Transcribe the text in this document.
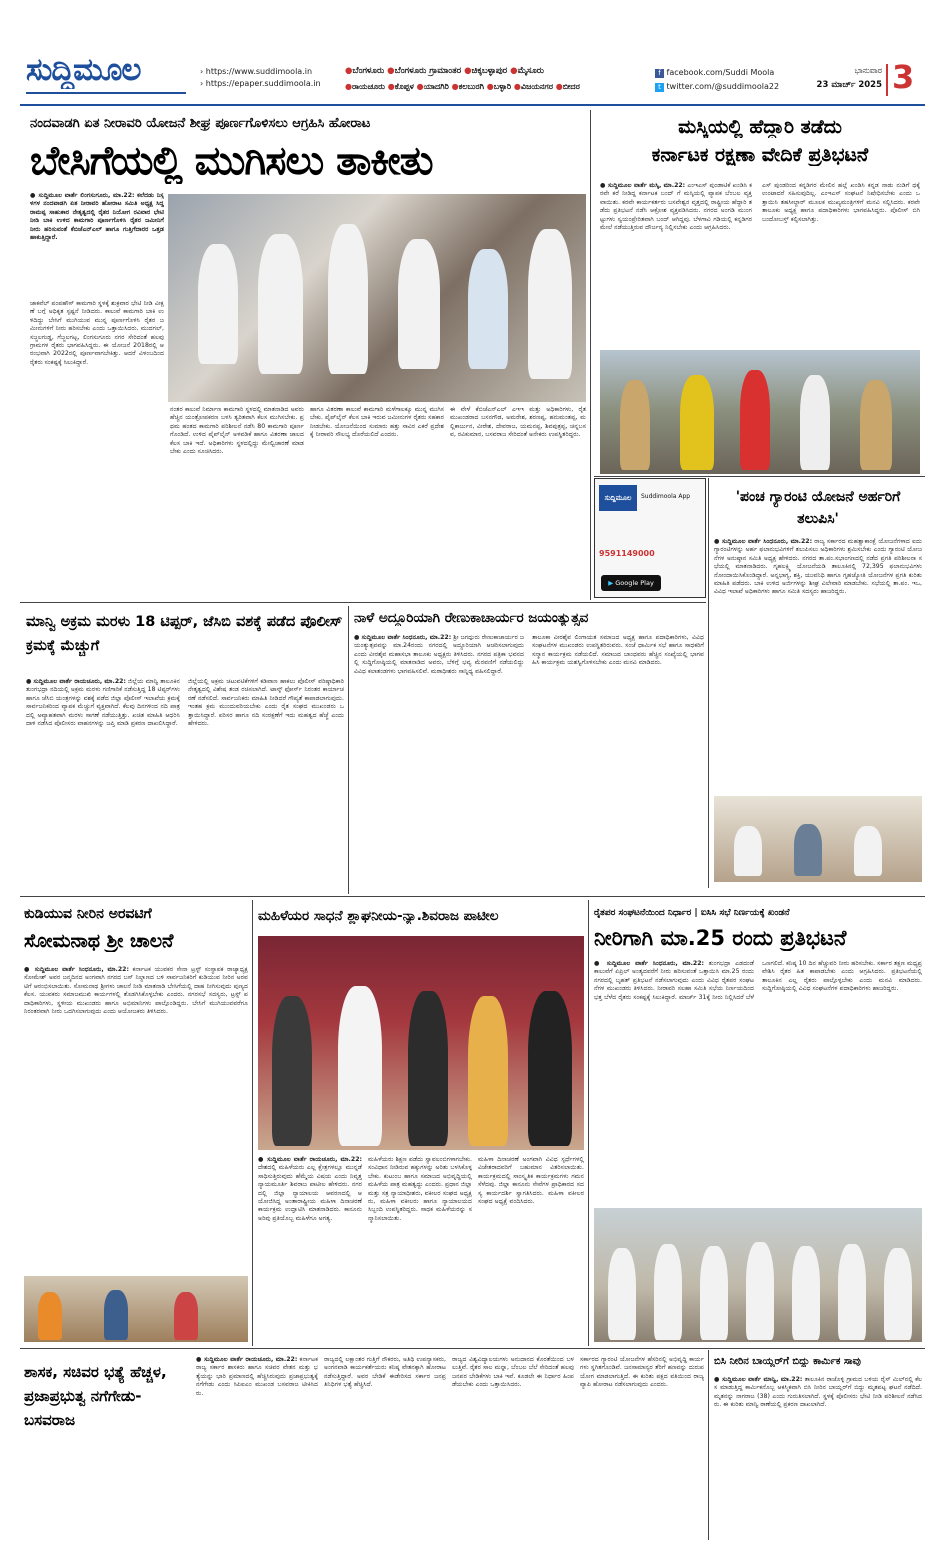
ಸುದ್ದಿಮೂಲ	› https://www.suddimoola.in
› https://epaper.suddimoola.in
●ಬೆಂಗಳೂರು ●ಬೆಂಗಳೂರು ಗ್ರಾಮಾಂತರ ●ಚಿಕ್ಕಬಳ್ಳಾಪುರ ●ಮೈಸೂರು
●ರಾಯಚೂರು ●ಕೊಪ್ಪಳ ●ಯಾದಗಿರಿ ●ಕಲಬುರಗಿ ●ಬಳ್ಳಾರಿ ●ವಿಜಯನಗರ ●ಬೀದರ
f facebook.com/Suddi Moola
t twitter.com/@suddimoola22
ಭಾನುವಾರ
23 ಮಾರ್ಚ್ 2025 3
ನಂದವಾಡಗಿ ಏತ ನೀರಾವರಿ ಯೋಜನೆ ಶೀಘ್ರ ಪೂರ್ಣಗೊಳಿಸಲು ಆಗ್ರಹಿಸಿ ಹೋರಾಟ
ಬೇಸಿಗೆಯಲ್ಲಿ ಮುಗಿಸಲು ತಾಕೀತು
● ಸುದ್ದಿಮೂಲ ವಾರ್ತೆ ಲಿಂಗಸುಗೂರು, ಮಾ.22: ಕಲೆದಡು ನಿಸ್ಸಳಗಳ ನಂದವಾಡಗಿ ಏತ ನೀರಾವರಿ ಹೋರಾಟ ಸಮಿತಿ ಅಧ್ಯಕ್ಷ ಸಿದ್ದರಾಮಪ್ಪ ಸಾಹುಕಾರ ನೇತೃತ್ವದಲ್ಲಿ ರೈತರ ನಿಯೋಗ ರವಿವಾರ ಭೇಟಿ ನೀಡಿ ಬಾಕಿ ಉಳಿದ ಕಾಮಗಾರಿ ಪೂರ್ಣಗೊಳಿಸಿ ರೈತರ ಜಮೀನಿಗೆ ನೀರು ಹರಿಸುವಂತೆ ಕೆಬಿಜೆಎನ್‌ಎಲ್ ಹಾಗೂ ಗುತ್ತಿಗೆದಾರರ ಒತ್ತಡ ಹಾಕುತ್ತಿದ್ದಾರೆ.
ಜಾಕವೆಲ್ ಪಂಪಹೌಸ್ ಕಾಮಗಾರಿ ಸ್ಥಳಕ್ಕೆ ಶುಕ್ರವಾರ ಭೇಟಿ ನೀಡಿ ವೀಕ್ಷಣೆ ಬಗ್ಗೆ ಅಧಿಕೃತ ಸ್ಪಷ್ಟನೆ ನೀಡಿದರು. ಕಾಲುವೆ ಕಾಮಗಾರಿ ಬಾಕಿ ಉಳಿದಿದ್ದು ಬೇಸಿಗೆ ಮುಗಿಯುವ ಮುನ್ನ ಪೂರ್ಣಗೊಳಿಸಿ ರೈತರ ಜಮೀನುಗಳಿಗೆ ನೀರು ಹರಿಸಬೇಕು ಎಂದು ಒತ್ತಾಯಿಸಿದರು. ಮುದಗಲ್, ಸಜ್ಜಲಗುಡ್ಡ, ಗೆಜ್ಜಲಗಟ್ಟ, ಲಿಂಗಸುಗೂರು ನಗರ ಸೇರಿದಂತೆ ಹಲವು ಗ್ರಾಮಗಳ ರೈತರು ಭಾಗವಹಿಸಿದ್ದರು. ಈ ಯೋಜನೆ 2018ರಲ್ಲಿ ಆರಂಭವಾಗಿ 2022ರಲ್ಲಿ ಪೂರ್ಣವಾಗಬೇಕಿತ್ತು. ಆದರೆ ವಿಳಂಬದಿಂದ ರೈತರು ಸಂಕಷ್ಟಕ್ಕೆ ಸಿಲುಕಿದ್ದಾರೆ.
ನಂತರ ಕಾಲುವೆ ನಿರ್ಮಾಣ ಕಾಮಗಾರಿ ಸ್ಥಳದಲ್ಲಿ ಮಾತನಾಡಿದ ಅವರು ಹೆಚ್ಚಿನ ಯಂತ್ರೋಪಕರಣ ಬಳಸಿ ತ್ವರಿತವಾಗಿ ಕೆಲಸ ಮುಗಿಸಬೇಕು. ಪ್ರಥಮ ಹಂತದ ಕಾಮಗಾರಿ ಪರಿಶೀಲನೆ ನಡೆಸಿ 80 ಕಾಮಗಾರಿ ಪೂರ್ಣಗೊಂಡಿದೆ. ಉಳಿದ ಪೈಪ್‌ಲೈನ್ ಅಳವಡಿಕೆ ಹಾಗೂ ವಿತರಣಾ ಜಾಲದ ಕೆಲಸ ಬಾಕಿ ಇದೆ. ಅಧಿಕಾರಿಗಳು ಸ್ಥಳದಲ್ಲಿದ್ದು ಮೇಲ್ವಿಚಾರಣೆ ಮಾಡಬೇಕು ಎಂದು ಸೂಚಿಸಿದರು.
ಹಾಗೂ ವಿತರಣಾ ಕಾಲುವೆ ಕಾಮಗಾರಿ ಮಳೆಗಾಲಕ್ಕೂ ಮುನ್ನ ಮುಗಿಸಬೇಕು. ಪೈಪ್‌ಲೈನ್ ಕೆಲಸ ಬಾಕಿ ಇರುವ ಜಮೀನುಗಳ ರೈತರು ಸಹಕಾರ ನೀಡಬೇಕು. ಯೋಜನೆಯಿಂದ ಸುಮಾರು ಹತ್ತು ಸಾವಿರ ಎಕರೆ ಪ್ರದೇಶಕ್ಕೆ ನೀರಾವರಿ ಸೌಲಭ್ಯ ದೊರೆಯಲಿದೆ ಎಂದರು.
ಈ ವೇಳೆ ಕೆಬಿಜೆಎನ್‌ಎಲ್ ಎಇಇ ಮತ್ತು ಅಧಿಕಾರಿಗಳು, ರೈತ ಮುಖಂಡರಾದ ಬಸನಗೌಡ, ಅಮರೇಶ, ಶರಣಪ್ಪ, ಹನುಮಂತಪ್ಪ, ಮಲ್ಲಿಕಾರ್ಜುನ, ವೀರೇಶ, ದೇವರಾಜ, ಯಮನಪ್ಪ, ಶಿವಪುತ್ರಪ್ಪ, ಚನ್ನಬಸವ, ರವಿಕುಮಾರ, ಬಸವರಾಜ ಸೇರಿದಂತೆ ಅನೇಕರು ಉಪಸ್ಥಿತರಿದ್ದರು.
ಮಸ್ಕಿಯಲ್ಲಿ ಹೆದ್ದಾರಿ ತಡೆದು
ಕರ್ನಾಟಕ ರಕ್ಷಣಾ ವೇದಿಕೆ ಪ್ರತಿಭಟನೆ
● ಸುದ್ದಿಮೂಲ ವಾರ್ತೆ ಮಸ್ಕಿ, ಮಾ.22: ಎಂಇಎಸ್ ಪುಂಡಾಟಿಕೆ ಖಂಡಿಸಿ ಕರವೇ ಕರೆ ನೀಡಿದ್ದ ಕರ್ನಾಟಕ ಬಂದ್ ಗೆ ಮಸ್ಕಿಯಲ್ಲಿ ವ್ಯಾಪಕ ಬೆಂಬಲ ವ್ಯಕ್ತವಾಯಿತು. ಕರವೇ ಕಾರ್ಯಕರ್ತರು ಬಸವೇಶ್ವರ ವೃತ್ತದಲ್ಲಿ ರಾಷ್ಟ್ರೀಯ ಹೆದ್ದಾರಿ ತಡೆದು ಪ್ರತಿಭಟನೆ ನಡೆಸಿ ಆಕ್ರೋಶ ವ್ಯಕ್ತಪಡಿಸಿದರು. ನಗರದ ಅಂಗಡಿ ಮುಂಗಟ್ಟುಗಳು ಸ್ವಯಂಪ್ರೇರಿತವಾಗಿ ಬಂದ್ ಆಗಿದ್ದವು. ಬೆಳಗಾವಿ ಗಡಿಯಲ್ಲಿ ಕನ್ನಡಿಗರ ಮೇಲೆ ನಡೆಯುತ್ತಿರುವ ದೌರ್ಜನ್ಯ ನಿಲ್ಲಿಸಬೇಕು ಎಂದು ಆಗ್ರಹಿಸಿದರು.
ಎಸ್ ಪುಂಡರಿಂದ ಕನ್ನಡಿಗರ ಮೇಲಿನ ಹಲ್ಲೆ ಖಂಡಿಸಿ ಕನ್ನಡ ನಾಡು ನುಡಿಗೆ ಧಕ್ಕೆ ಉಂಟಾದರೆ ಸಹಿಸುವುದಿಲ್ಲ. ಎಂಇಎಸ್ ಸಂಘಟನೆ ನಿಷೇಧಿಸಬೇಕು ಎಂದು ಒತ್ತಾಯಿಸಿ ತಹಸೀಲ್ದಾರ್ ಮೂಲಕ ಮುಖ್ಯಮಂತ್ರಿಗಳಿಗೆ ಮನವಿ ಸಲ್ಲಿಸಿದರು. ಕರವೇ ತಾಲೂಕು ಅಧ್ಯಕ್ಷ ಹಾಗೂ ಪದಾಧಿಕಾರಿಗಳು ಭಾಗವಹಿಸಿದ್ದರು. ಪೊಲೀಸ್ ಬಿಗಿ ಬಂದೋಬಸ್ತ್ ಕಲ್ಪಿಸಲಾಗಿತ್ತು.
ಸುದ್ದಿಮೂಲ	Suddimoola App
9591149000
▶ Google Play
'ಪಂಚ ಗ್ಯಾರಂಟಿ ಯೋಜನೆ ಅರ್ಹರಿಗೆ ತಲುಪಿಸಿ'
● ಸುದ್ದಿಮೂಲ ವಾರ್ತೆ ಸಿಂಧನೂರು, ಮಾ.22: ರಾಜ್ಯ ಸರ್ಕಾರದ ಮಹತ್ವಾಕಾಂಕ್ಷೆ ಯೋಜನೆಗಳಾದ ಐದು ಗ್ಯಾರಂಟಿಗಳನ್ನು ಅರ್ಹ ಫಲಾನುಭವಿಗಳಿಗೆ ತಲುಪಿಸಲು ಅಧಿಕಾರಿಗಳು ಶ್ರಮಿಸಬೇಕು ಎಂದು ಗ್ಯಾರಂಟಿ ಯೋಜನೆಗಳ ಅನುಷ್ಠಾನ ಸಮಿತಿ ಅಧ್ಯಕ್ಷ ಹೇಳಿದರು. ನಗರದ ತಾ.ಪಂ.ಸಭಾಂಗಣದಲ್ಲಿ ನಡೆದ ಪ್ರಗತಿ ಪರಿಶೀಲನಾ ಸಭೆಯಲ್ಲಿ ಮಾತನಾಡಿದರು. ಗೃಹಲಕ್ಷ್ಮಿ ಯೋಜನೆಯಡಿ ತಾಲೂಕಿನಲ್ಲಿ 72,395 ಫಲಾನುಭವಿಗಳು ನೋಂದಾಯಿಸಿಕೊಂಡಿದ್ದಾರೆ. ಅನ್ನಭಾಗ್ಯ, ಶಕ್ತಿ, ಯುವನಿಧಿ ಹಾಗೂ ಗೃಹಜ್ಯೋತಿ ಯೋಜನೆಗಳ ಪ್ರಗತಿ ಕುರಿತು ಮಾಹಿತಿ ಪಡೆದರು. ಬಾಕಿ ಉಳಿದ ಅರ್ಜಿಗಳನ್ನು ಶೀಘ್ರ ವಿಲೇವಾರಿ ಮಾಡಬೇಕು. ಸಭೆಯಲ್ಲಿ ತಾ.ಪಂ. ಇಒ, ವಿವಿಧ ಇಲಾಖೆ ಅಧಿಕಾರಿಗಳು ಹಾಗೂ ಸಮಿತಿ ಸದಸ್ಯರು ಹಾಜರಿದ್ದರು.
ಮಾನ್ವಿ ಅಕ್ರಮ ಮರಳು 18 ಟಿಪ್ಪರ್, ಜೆಸಿಬಿ ವಶಕ್ಕೆ ಪಡೆದ ಪೊಲೀಸ್ ಕ್ರಮಕ್ಕೆ ಮೆಚ್ಚುಗೆ
● ಸುದ್ದಿಮೂಲ ವಾರ್ತೆ ರಾಯಚೂರು, ಮಾ.22: ಜಿಲ್ಲೆಯ ಮಾನ್ವಿ ತಾಲೂಕಿನ ತುಂಗಭದ್ರಾ ನದಿಯಲ್ಲಿ ಅಕ್ರಮ ಮರಳು ಗಣಿಗಾರಿಕೆ ನಡೆಸುತ್ತಿದ್ದ 18 ಟಿಪ್ಪರ್‌ಗಳು ಹಾಗೂ ಜೆಸಿಬಿ ಯಂತ್ರಗಳನ್ನು ವಶಕ್ಕೆ ಪಡೆದ ಜಿಲ್ಲಾ ಪೊಲೀಸ್ ಇಲಾಖೆಯ ಕ್ರಮಕ್ಕೆ ಸಾರ್ವಜನಿಕರಿಂದ ವ್ಯಾಪಕ ಮೆಚ್ಚುಗೆ ವ್ಯಕ್ತವಾಗಿದೆ. ಕೆಲವು ದಿನಗಳಿಂದ ನದಿ ಪಾತ್ರದಲ್ಲಿ ಅವ್ಯಾಹತವಾಗಿ ಮರಳು ಸಾಗಣೆ ನಡೆಯುತ್ತಿತ್ತು. ಖಚಿತ ಮಾಹಿತಿ ಆಧರಿಸಿ ದಾಳಿ ನಡೆಸಿದ ಪೊಲೀಸರು ವಾಹನಗಳನ್ನು ಜಪ್ತಿ ಮಾಡಿ ಪ್ರಕರಣ ದಾಖಲಿಸಿದ್ದಾರೆ.
ಜಿಲ್ಲೆಯಲ್ಲಿ ಅಕ್ರಮ ಚಟುವಟಿಕೆಗಳಿಗೆ ಕಡಿವಾಣ ಹಾಕಲು ಪೊಲೀಸ್ ವರಿಷ್ಠಾಧಿಕಾರಿ ನೇತೃತ್ವದಲ್ಲಿ ವಿಶೇಷ ತಂಡ ರಚಿಸಲಾಗಿದೆ. ಟಾಸ್ಕ್ ಫೋರ್ಸ್ ನಿರಂತರ ಕಾರ್ಯಾಚರಣೆ ನಡೆಸಲಿದೆ. ಸಾರ್ವಜನಿಕರು ಮಾಹಿತಿ ನೀಡಿದರೆ ಗೌಪ್ಯತೆ ಕಾಪಾಡಲಾಗುವುದು. ಇಂತಹ ಕ್ರಮ ಮುಂದುವರಿಯಬೇಕು ಎಂದು ರೈತ ಸಂಘದ ಮುಖಂಡರು ಒತ್ತಾಯಿಸಿದ್ದಾರೆ. ಪರಿಸರ ಹಾಗೂ ನದಿ ಸಂರಕ್ಷಣೆಗೆ ಇದು ಮಹತ್ವದ ಹೆಜ್ಜೆ ಎಂದು ಹೇಳಿದರು.
ನಾಳೆ ಅದ್ದೂರಿಯಾಗಿ ರೇಣುಕಾಚಾರ್ಯರ ಜಯಂತ್ಯುತ್ಸವ
● ಸುದ್ದಿಮೂಲ ವಾರ್ತೆ ಸಿಂಧನೂರು, ಮಾ.22: ಶ್ರೀ ಜಗದ್ಗುರು ರೇಣುಕಾಚಾರ್ಯರ ಜಯಂತ್ಯುತ್ಸವವನ್ನು ಮಾ.24ರಂದು ನಗರದಲ್ಲಿ ಅದ್ದೂರಿಯಾಗಿ ಆಚರಿಸಲಾಗುವುದು ಎಂದು ವೀರಶೈವ ಮಹಾಸಭಾ ತಾಲೂಕು ಅಧ್ಯಕ್ಷರು ತಿಳಿಸಿದರು. ನಗರದ ಪತ್ರಿಕಾ ಭವನದಲ್ಲಿ ಸುದ್ದಿಗೋಷ್ಠಿಯಲ್ಲಿ ಮಾತನಾಡಿದ ಅವರು, ಬೆಳಿಗ್ಗೆ ಭವ್ಯ ಮೆರವಣಿಗೆ ನಡೆಯಲಿದ್ದು ವಿವಿಧ ಕಲಾತಂಡಗಳು ಭಾಗವಹಿಸಲಿವೆ. ಮಠಾಧೀಶರು ಸಾನ್ನಿಧ್ಯ ವಹಿಸಲಿದ್ದಾರೆ.
ತಾಲೂಕಾ ವೀರಶೈವ ಲಿಂಗಾಯತ ಸಮಾಜದ ಅಧ್ಯಕ್ಷ ಹಾಗೂ ಪದಾಧಿಕಾರಿಗಳು, ವಿವಿಧ ಸಂಘಟನೆಗಳ ಮುಖಂಡರು ಉಪಸ್ಥಿತರಿರುವರು. ಸಂಜೆ ಧಾರ್ಮಿಕ ಸಭೆ ಹಾಗೂ ಸಾಧಕರಿಗೆ ಸನ್ಮಾನ ಕಾರ್ಯಕ್ರಮ ನಡೆಯಲಿದೆ. ಸಮಾಜದ ಬಾಂಧವರು ಹೆಚ್ಚಿನ ಸಂಖ್ಯೆಯಲ್ಲಿ ಭಾಗವಹಿಸಿ ಕಾರ್ಯಕ್ರಮ ಯಶಸ್ವಿಗೊಳಿಸಬೇಕು ಎಂದು ಮನವಿ ಮಾಡಿದರು.
ಕುಡಿಯುವ ನೀರಿನ ಅರವಟಿಗೆ
ಸೋಮನಾಥ ಶ್ರೀ ಚಾಲನೆ
● ಸುದ್ದಿಮೂಲ ವಾರ್ತೆ ಸಿಂಧನೂರು, ಮಾ.22: ಕರ್ನಾಟಕ ಯುವಕರ ಸೇನಾ ಟ್ರಸ್ಟ್ ಸಂಸ್ಥಾಪಕ ರಾಜ್ಯಾಧ್ಯಕ್ಷ ಸೋಮೇಶ್ ಅವರ ಜನ್ಮದಿನದ ಅಂಗವಾಗಿ ನಗರದ ಬಸ್ ನಿಲ್ದಾಣದ ಬಳಿ ಸಾರ್ವಜನಿಕರಿಗೆ ಕುಡಿಯುವ ನೀರಿನ ಅರವಟಿಗೆ ಆರಂಭಿಸಲಾಯಿತು. ಸೋಮನಾಥ ಶ್ರೀಗಳು ಚಾಲನೆ ನೀಡಿ ಮಾತನಾಡಿ ಬೇಸಿಗೆಯಲ್ಲಿ ದಾಹ ನೀಗಿಸುವುದು ಪುಣ್ಯದ ಕೆಲಸ. ಯುವಕರು ಸಮಾಜಮುಖಿ ಕಾರ್ಯಗಳಲ್ಲಿ ತೊಡಗಿಸಿಕೊಳ್ಳಬೇಕು ಎಂದರು. ನಗರಸಭೆ ಸದಸ್ಯರು, ಟ್ರಸ್ಟ್ ಪದಾಧಿಕಾರಿಗಳು, ಸ್ಥಳೀಯ ಮುಖಂಡರು ಹಾಗೂ ಅಭಿಮಾನಿಗಳು ಪಾಲ್ಗೊಂಡಿದ್ದರು. ಬೇಸಿಗೆ ಮುಗಿಯುವವರೆಗೂ ನಿರಂತರವಾಗಿ ನೀರು ಒದಗಿಸಲಾಗುವುದು ಎಂದು ಆಯೋಜಕರು ತಿಳಿಸಿದರು.
ಮಹಿಳೆಯರ ಸಾಧನೆ ಶ್ಲಾಘನೀಯ-ನ್ಯಾ.ಶಿವರಾಜ ಪಾಟೀಲ
● ಸುದ್ದಿಮೂಲ ವಾರ್ತೆ ರಾಯಚೂರು, ಮಾ.22: ದೇಶದಲ್ಲಿ ಮಹಿಳೆಯರು ಎಲ್ಲ ಕ್ಷೇತ್ರಗಳಲ್ಲೂ ಮುನ್ನಡೆ ಸಾಧಿಸುತ್ತಿರುವುದು ಹೆಮ್ಮೆಯ ವಿಷಯ ಎಂದು ನಿವೃತ್ತ ನ್ಯಾಯಮೂರ್ತಿ ಶಿವರಾಜ ಪಾಟೀಲ ಹೇಳಿದರು. ನಗರದಲ್ಲಿ ಜಿಲ್ಲಾ ನ್ಯಾಯಾಲಯ ಆವರಣದಲ್ಲಿ ಆಯೋಜಿಸಿದ್ದ ಅಂತಾರಾಷ್ಟ್ರೀಯ ಮಹಿಳಾ ದಿನಾಚರಣೆ ಕಾರ್ಯಕ್ರಮ ಉದ್ಘಾಟಿಸಿ ಮಾತನಾಡಿದರು. ಕಾನೂನು ಅರಿವು ಪ್ರತಿಯೊಬ್ಬ ಮಹಿಳೆಗೂ ಅಗತ್ಯ.
ಮಹಿಳೆಯರು ಶಿಕ್ಷಣ ಪಡೆದು ಸ್ವಾವಲಂಬಿಗಳಾಗಬೇಕು. ಸಂವಿಧಾನ ನೀಡಿರುವ ಹಕ್ಕುಗಳನ್ನು ಅರಿತು ಬಳಸಿಕೊಳ್ಳಬೇಕು. ಕುಟುಂಬ ಹಾಗೂ ಸಮಾಜದ ಅಭಿವೃದ್ಧಿಯಲ್ಲಿ ಮಹಿಳೆಯ ಪಾತ್ರ ಮಹತ್ವದ್ದು ಎಂದರು. ಪ್ರಧಾನ ಜಿಲ್ಲಾ ಮತ್ತು ಸತ್ರ ನ್ಯಾಯಾಧೀಶರು, ವಕೀಲರ ಸಂಘದ ಅಧ್ಯಕ್ಷರು, ಮಹಿಳಾ ವಕೀಲರು ಹಾಗೂ ನ್ಯಾಯಾಲಯದ ಸಿಬ್ಬಂದಿ ಉಪಸ್ಥಿತರಿದ್ದರು. ಸಾಧಕ ಮಹಿಳೆಯರನ್ನು ಸನ್ಮಾನಿಸಲಾಯಿತು.
ಮಹಿಳಾ ದಿನಾಚರಣೆ ಅಂಗವಾಗಿ ವಿವಿಧ ಸ್ಪರ್ಧೆಗಳಲ್ಲಿ ವಿಜೇತರಾದವರಿಗೆ ಬಹುಮಾನ ವಿತರಿಸಲಾಯಿತು. ಕಾರ್ಯಕ್ರಮದಲ್ಲಿ ಸಾಂಸ್ಕೃತಿಕ ಕಾರ್ಯಕ್ರಮಗಳು ಗಮನ ಸೆಳೆದವು. ಜಿಲ್ಲಾ ಕಾನೂನು ಸೇವೆಗಳ ಪ್ರಾಧಿಕಾರದ ಸದಸ್ಯ ಕಾರ್ಯದರ್ಶಿ ಸ್ವಾಗತಿಸಿದರು. ಮಹಿಳಾ ವಕೀಲರ ಸಂಘದ ಅಧ್ಯಕ್ಷೆ ವಂದಿಸಿದರು.
ರೈತಪರ ಸಂಘಟನೆಯಿಂದ ನಿರ್ಧಾರ | ಐಸಿಸಿ ಸಭೆ ನಿರ್ಣಯಕ್ಕೆ ಖಂಡನೆ
ನೀರಿಗಾಗಿ ಮಾ.25 ರಂದು ಪ್ರತಿಭಟನೆ
● ಸುದ್ದಿಮೂಲ ವಾರ್ತೆ ಸಿಂಧನೂರು, ಮಾ.22: ತುಂಗಭದ್ರಾ ಎಡದಂಡೆ ಕಾಲುವೆಗೆ ಏಪ್ರಿಲ್ ಅಂತ್ಯದವರೆಗೆ ನೀರು ಹರಿಸುವಂತೆ ಒತ್ತಾಯಿಸಿ ಮಾ.25 ರಂದು ನಗರದಲ್ಲಿ ಬೃಹತ್ ಪ್ರತಿಭಟನೆ ನಡೆಸಲಾಗುವುದು ಎಂದು ವಿವಿಧ ರೈತಪರ ಸಂಘಟನೆಗಳ ಮುಖಂಡರು ತಿಳಿಸಿದರು. ನೀರಾವರಿ ಸಲಹಾ ಸಮಿತಿ ಸಭೆಯ ನಿರ್ಣಯದಿಂದ ಭತ್ತ ಬೆಳೆದ ರೈತರು ಸಂಕಷ್ಟಕ್ಕೆ ಸಿಲುಕಿದ್ದಾರೆ. ಮಾರ್ಚ್ 31ಕ್ಕೆ ನೀರು ನಿಲ್ಲಿಸಿದರೆ ಬೆಳೆ ಒಣಗಲಿದೆ. ಕನಿಷ್ಠ 10 ದಿನ ಹೆಚ್ಚುವರಿ ನೀರು ಹರಿಸಬೇಕು. ಸರ್ಕಾರ ತಕ್ಷಣ ಮಧ್ಯಪ್ರವೇಶಿಸಿ ರೈತರ ಹಿತ ಕಾಪಾಡಬೇಕು ಎಂದು ಆಗ್ರಹಿಸಿದರು. ಪ್ರತಿಭಟನೆಯಲ್ಲಿ ತಾಲೂಕಿನ ಎಲ್ಲ ರೈತರು ಪಾಲ್ಗೊಳ್ಳಬೇಕು ಎಂದು ಮನವಿ ಮಾಡಿದರು. ಸುದ್ದಿಗೋಷ್ಠಿಯಲ್ಲಿ ವಿವಿಧ ಸಂಘಟನೆಗಳ ಪದಾಧಿಕಾರಿಗಳು ಹಾಜರಿದ್ದರು.
ಶಾಸಕ, ಸಚಿವರ ಭತ್ಯೆ ಹೆಚ್ಚಳ, ಪ್ರಜಾಪ್ರಭುತ್ವ ನಗೆಗೇಡು- ಬಸವರಾಜ
● ಸುದ್ದಿಮೂಲ ವಾರ್ತೆ ರಾಯಚೂರು, ಮಾ.22: ಕರ್ನಾಟಕ ರಾಜ್ಯ ಸರ್ಕಾರ ಶಾಸಕರು ಹಾಗೂ ಸಚಿವರ ವೇತನ ಮತ್ತು ಭತ್ಯೆಯನ್ನು ಭಾರಿ ಪ್ರಮಾಣದಲ್ಲಿ ಹೆಚ್ಚಿಸಿರುವುದು ಪ್ರಜಾಪ್ರಭುತ್ವಕ್ಕೆ ನಗೆಗೇಡು ಎಂದು ಸಿಪಿಐಎಂ ಮುಖಂಡ ಬಸವರಾಜ ಟೀಕಿಸಿದರು.
ರಾಜ್ಯದಲ್ಲಿ ಲಕ್ಷಾಂತರ ಗುತ್ತಿಗೆ ನೌಕರರು, ಅತಿಥಿ ಉಪನ್ಯಾಸಕರು, ಅಂಗನವಾಡಿ ಕಾರ್ಯಕರ್ತೆಯರು ಕನಿಷ್ಠ ವೇತನಕ್ಕಾಗಿ ಹೋರಾಟ ನಡೆಸುತ್ತಿದ್ದಾರೆ. ಅವರ ಬೇಡಿಕೆ ಈಡೇರಿಸದ ಸರ್ಕಾರ ಜನಪ್ರತಿನಿಧಿಗಳ ಭತ್ಯೆ ಹೆಚ್ಚಿಸಿದೆ.
ರಾಜ್ಯದ ವಿಶ್ವವಿದ್ಯಾಲಯಗಳು ಅನುದಾನದ ಕೊರತೆಯಿಂದ ಬಳಲುತ್ತಿವೆ. ರೈತರ ಸಾಲ ಮನ್ನಾ, ಬೆಂಬಲ ಬೆಲೆ ಸೇರಿದಂತೆ ಹಲವು ಜನಪರ ಬೇಡಿಕೆಗಳು ಬಾಕಿ ಇವೆ. ಕೂಡಲೇ ಈ ನಿರ್ಧಾರ ಹಿಂಪಡೆಯಬೇಕು ಎಂದು ಒತ್ತಾಯಿಸಿದರು.
ಸರ್ಕಾರದ ಗ್ಯಾರಂಟಿ ಯೋಜನೆಗಳ ಹೆಸರಿನಲ್ಲಿ ಅಭಿವೃದ್ಧಿ ಕಾರ್ಯಗಳು ಸ್ಥಗಿತಗೊಂಡಿವೆ. ಜನಸಾಮಾನ್ಯರ ತೆರಿಗೆ ಹಣವನ್ನು ದುರುಪಯೋಗ ಮಾಡಲಾಗುತ್ತಿದೆ. ಈ ಕುರಿತು ಪಕ್ಷದ ವತಿಯಿಂದ ರಾಜ್ಯವ್ಯಾಪಿ ಹೋರಾಟ ನಡೆಸಲಾಗುವುದು ಎಂದರು.
ಬಿಸಿ ನೀರಿನ ಬಾಯ್ಲರ್‌ಗೆ ಬಿದ್ದು ಕಾರ್ಮಿಕ ಸಾವು
● ಸುದ್ದಿಮೂಲ ವಾರ್ತೆ ಮಾನ್ವಿ, ಮಾ.22: ತಾಲೂಕಿನ ರಾಜೊಳ್ಳಿ ಗ್ರಾಮದ ಬಳಿಯ ರೈಸ್ ಮಿಲ್‌ನಲ್ಲಿ ಕೆಲಸ ಮಾಡುತ್ತಿದ್ದ ಕಾರ್ಮಿಕನೊಬ್ಬ ಆಕಸ್ಮಿಕವಾಗಿ ಬಿಸಿ ನೀರಿನ ಬಾಯ್ಲರ್‌ಗೆ ಬಿದ್ದು ಮೃತಪಟ್ಟ ಘಟನೆ ನಡೆದಿದೆ. ಮೃತನನ್ನು ನಾಗರಾಜ (38) ಎಂದು ಗುರುತಿಸಲಾಗಿದೆ. ಸ್ಥಳಕ್ಕೆ ಪೊಲೀಸರು ಭೇಟಿ ನೀಡಿ ಪರಿಶೀಲನೆ ನಡೆಸಿದರು. ಈ ಕುರಿತು ಮಾನ್ವಿ ಠಾಣೆಯಲ್ಲಿ ಪ್ರಕರಣ ದಾಖಲಾಗಿದೆ.
